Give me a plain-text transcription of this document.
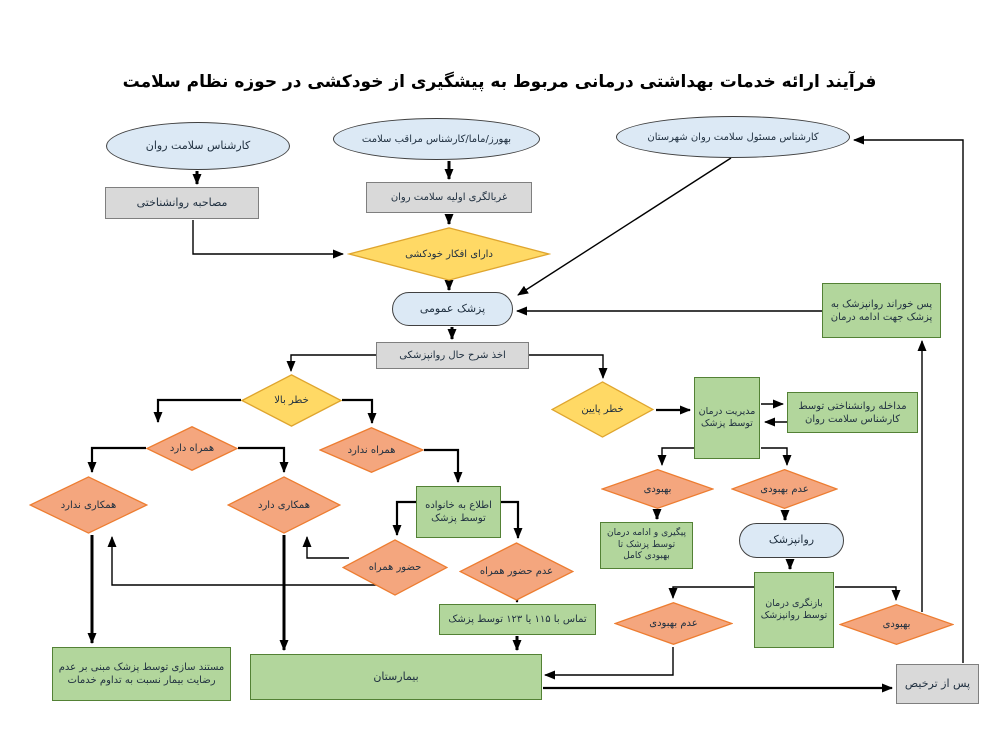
فرآیند ارائه خدمات بهداشتی درمانی مربوط به پیشگیری از خودکشی در حوزه نظام سلامت
کارشناس سلامت روان
مصاحبه روانشناختی
بهورز/ماما/کارشناس مراقب سلامت
غربالگری اولیه سلامت روان
کارشناس مسئول سلامت روان شهرستان
دارای افکار خودکشی
پزشک عمومی
اخذ شرح حال روانپزشکی
خطر بالا
خطر پایین	مدیریت درمان توسط پزشک
مداخله روانشناختی توسط کارشناس سلامت روان
همراه دارد	همراه ندارد
همکاری ندارد	همکاری دارد	اطلاع به خانواده توسط پزشک
حضور همراه	عدم حضور همراه
تماس با ۱۱۵ یا ۱۲۳ توسط پزشک
بهبودی	عدم بهبودی
پیگیری و ادامه درمان توسط پزشک تا بهبودی کامل
روانپزشک
بازنگری درمان توسط روانپزشک
عدم بهبودی	بهبودی
پس خوراند روانپزشک به پزشک جهت ادامه درمان
بیمارستان
مستند سازی توسط پزشک مبنی بر عدم رضایت بیمار نسبت به تداوم خدمات	پس از ترخیص
